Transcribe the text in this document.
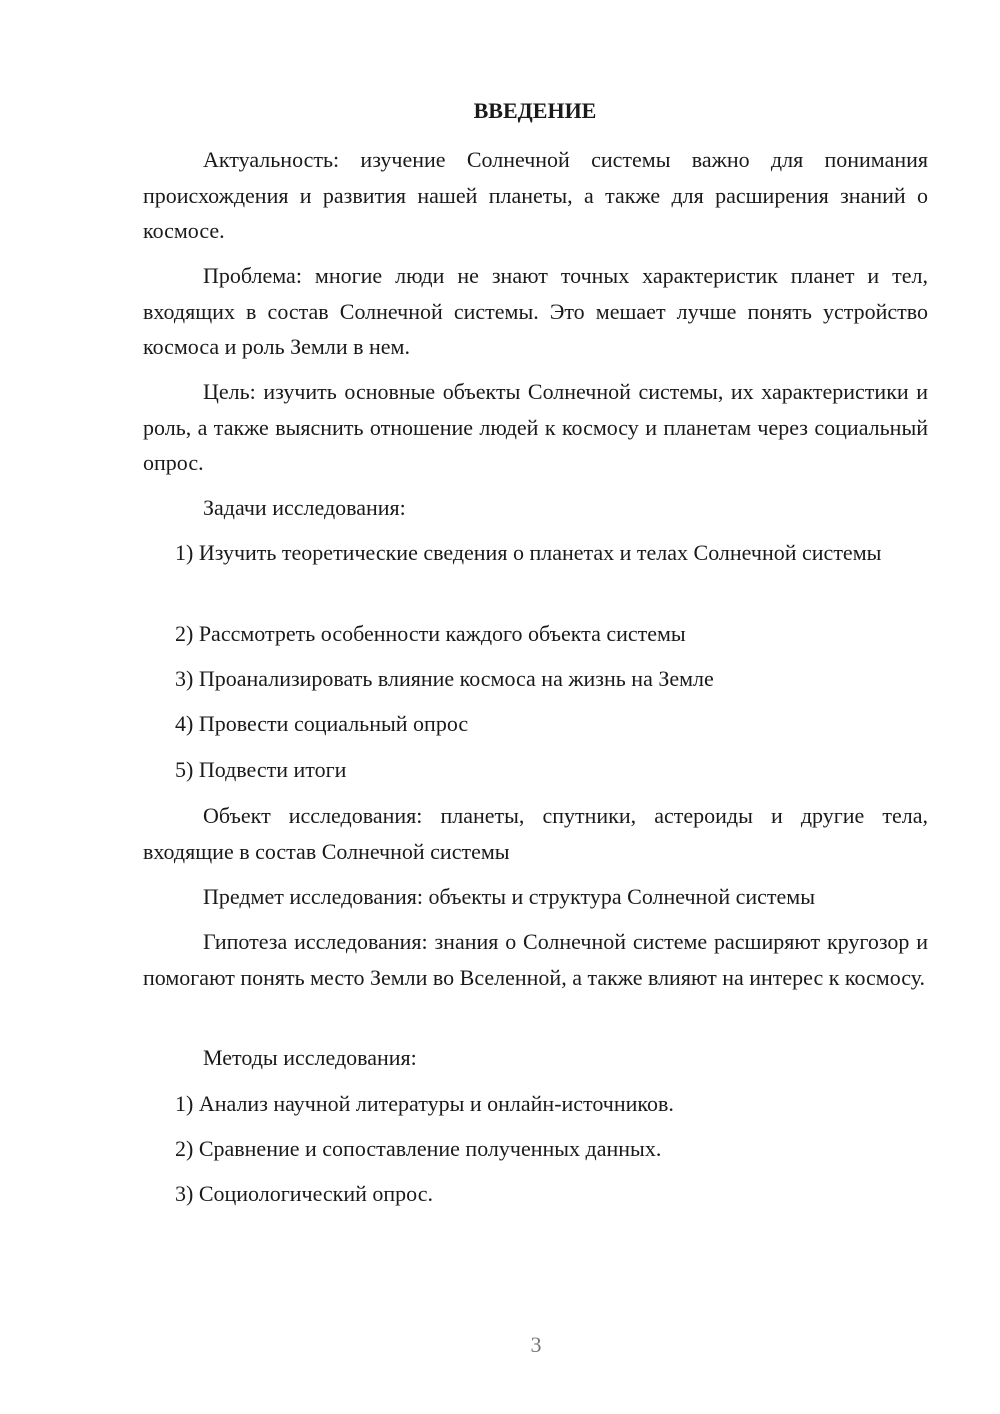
ВВЕДЕНИЕ

Актуальность: изучение Солнечной системы важно для понимания происхождения и развития нашей планеты, а также для расширения знаний о космосе.

Проблема: многие люди не знают точных характеристик планет и тел, входящих в состав Солнечной системы. Это мешает лучше понять устройство космоса и роль Земли в нем.

Цель: изучить основные объекты Солнечной системы, их характеристики и роль, а также выяснить отношение людей к космосу и планетам через социальный опрос.

Задачи исследования:

1) Изучить теоретические сведения о планетах и телах Солнечной системы

2) Рассмотреть особенности каждого объекта системы

3) Проанализировать влияние космоса на жизнь на Земле

4) Провести социальный опрос

5) Подвести итоги

Объект исследования: планеты, спутники, астероиды и другие тела, входящие в состав Солнечной системы

Предмет исследования: объекты и структура Солнечной системы

Гипотеза исследования: знания о Солнечной системе расширяют кругозор и помогают понять место Земли во Вселенной, а также влияют на интерес к космосу.

Методы исследования:

1) Анализ научной литературы и онлайн-источников.

2) Сравнение и сопоставление полученных данных.

3) Социологический опрос.

3
